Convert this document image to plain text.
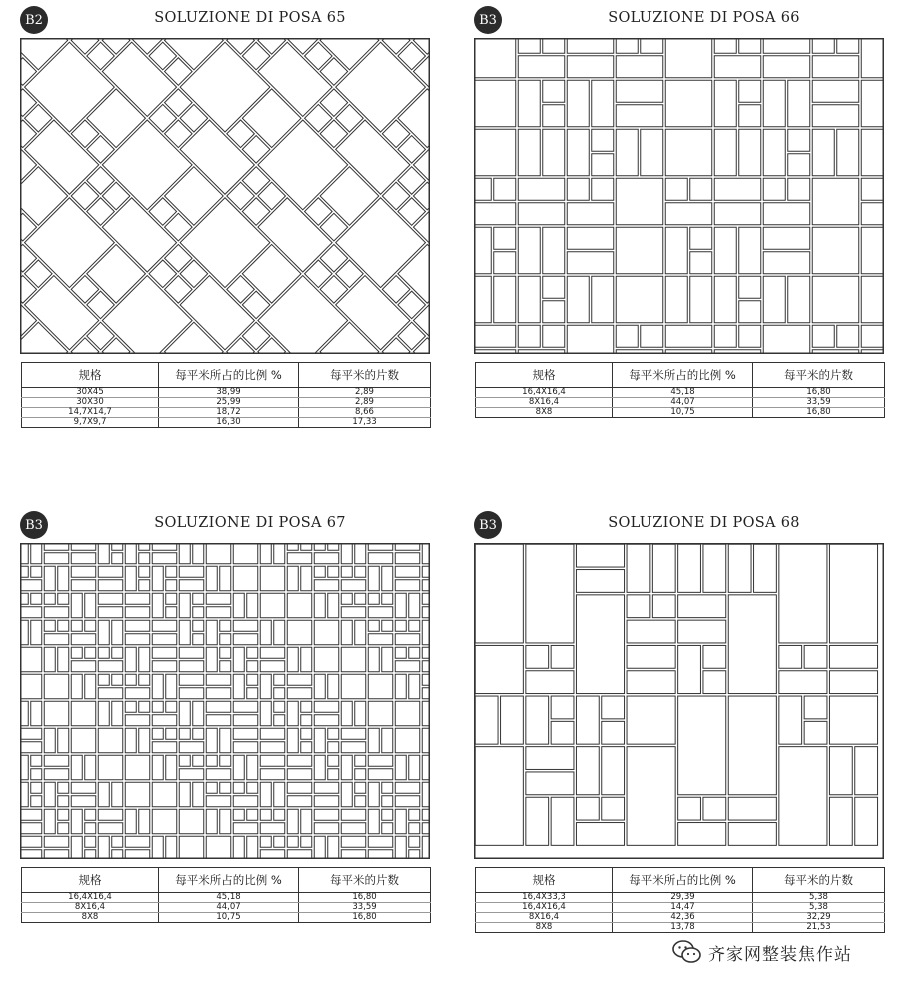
B2	SOLUZIONE DI POSA 65
规格	每平米所占的比例 %	每平米的片数
30X45	38,99	2,89
30X30	25,99	2,89
14,7X14,7	18,72	8,66
9,7X9,7	16,30	17,33
B3	SOLUZIONE DI POSA 66
规格	每平米所占的比例 %	每平米的片数
16,4X16,4	45,18	16,80
8X16,4	44,07	33,59
8X8	10,75	16,80
B3	SOLUZIONE DI POSA 67
规格	每平米所占的比例 %	每平米的片数
16,4X16,4	45,18	16,80
8X16,4	44,07	33,59
8X8	10,75	16,80
B3	SOLUZIONE DI POSA 68
规格	每平米所占的比例 %	每平米的片数
16,4X33,3	29,39	5,38
16,4X16,4	14,47	5,38
8X16,4	42,36	32,29
8X8	13,78	21,53
齐家网整装焦作站
